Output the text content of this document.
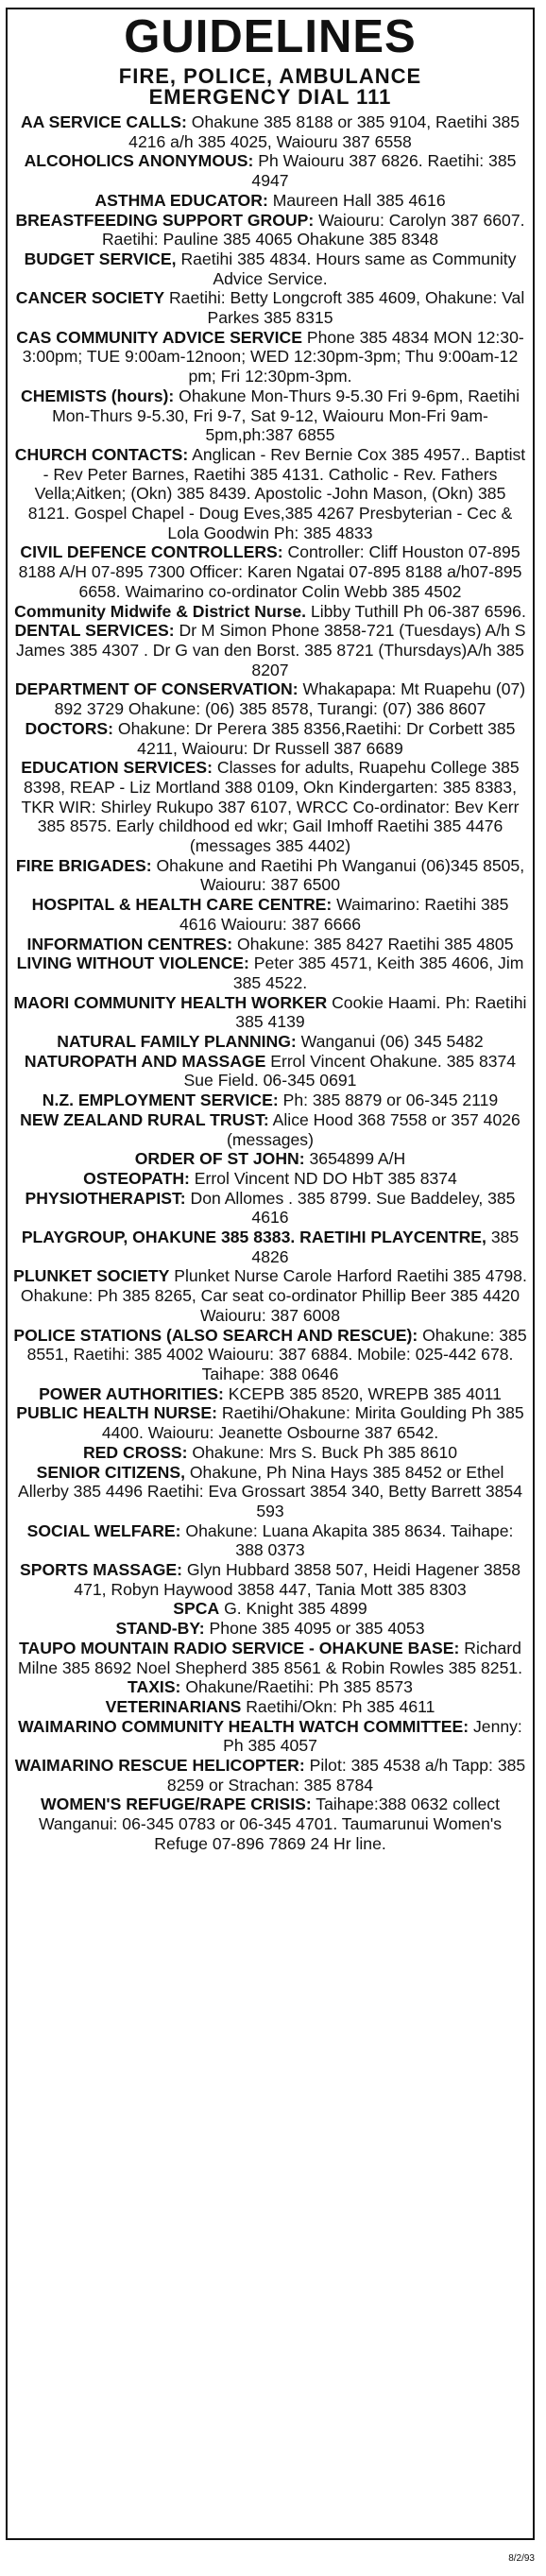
GUIDELINES
FIRE, POLICE, AMBULANCE
EMERGENCY DIAL 111

AA SERVICE CALLS: Ohakune 385 8188 or 385 9104, Raetihi 385 4216 a/h 385 4025, Waiouru 387 6558

ALCOHOLICS ANONYMOUS: Ph Waiouru 387 6826. Raetihi: 385 4947

ASTHMA EDUCATOR: Maureen Hall 385 4616

BREASTFEEDING SUPPORT GROUP: Waiouru: Carolyn 387 6607. Raetihi: Pauline 385 4065 Ohakune 385 8348

BUDGET SERVICE, Raetihi 385 4834. Hours same as Community Advice Service.

CANCER SOCIETY Raetihi: Betty Longcroft 385 4609, Ohakune: Val Parkes 385 8315

CAS COMMUNITY ADVICE SERVICE Phone 385 4834 MON 12:30-3:00pm; TUE 9:00am-12noon; WED 12:30pm-3pm; Thu 9:00am-12 pm; Fri 12:30pm-3pm.

CHEMISTS (hours): Ohakune Mon-Thurs 9-5.30 Fri 9-6pm, Raetihi Mon-Thurs 9-5.30, Fri 9-7, Sat 9-12, Waiouru Mon-Fri 9am-5pm,ph:387 6855

CHURCH CONTACTS: Anglican - Rev Bernie Cox 385 4957.. Baptist - Rev Peter Barnes, Raetihi 385 4131. Catholic - Rev. Fathers Vella;Aitken; (Okn) 385 8439. Apostolic -John Mason, (Okn) 385 8121. Gospel Chapel - Doug Eves,385 4267 Presbyterian - Cec & Lola Goodwin Ph: 385 4833

CIVIL DEFENCE CONTROLLERS: Controller: Cliff Houston 07-895 8188 A/H 07-895 7300 Officer: Karen Ngatai 07-895 8188 a/h07-895 6658. Waimarino co-ordinator Colin Webb 385 4502

Community Midwife & District Nurse. Libby Tuthill Ph 06-387 6596.

DENTAL SERVICES: Dr M Simon Phone 3858-721 (Tuesdays) A/h S James 385 4307 . Dr G van den Borst. 385 8721 (Thursdays)A/h 385 8207

DEPARTMENT OF CONSERVATION: Whakapapa: Mt Ruapehu (07) 892 3729 Ohakune: (06) 385 8578, Turangi: (07) 386 8607

DOCTORS: Ohakune: Dr Perera 385 8356,Raetihi: Dr Corbett 385 4211, Waiouru: Dr Russell 387 6689

EDUCATION SERVICES: Classes for adults, Ruapehu College 385 8398, REAP - Liz Mortland 388 0109, Okn Kindergarten: 385 8383, TKR WIR: Shirley Rukupo 387 6107, WRCC Co-ordinator: Bev Kerr 385 8575. Early childhood ed wkr; Gail Imhoff Raetihi 385 4476 (messages 385 4402)

FIRE BRIGADES: Ohakune and Raetihi Ph Wanganui (06)345 8505, Waiouru: 387 6500

HOSPITAL & HEALTH CARE CENTRE: Waimarino: Raetihi 385 4616 Waiouru: 387 6666

INFORMATION CENTRES: Ohakune: 385 8427 Raetihi 385 4805

LIVING WITHOUT VIOLENCE: Peter 385 4571, Keith 385 4606, Jim 385 4522.

MAORI COMMUNITY HEALTH WORKER Cookie Haami. Ph: Raetihi 385 4139

NATURAL FAMILY PLANNING: Wanganui (06) 345 5482

NATUROPATH AND MASSAGE Errol Vincent Ohakune. 385 8374 Sue Field. 06-345 0691

N.Z. EMPLOYMENT SERVICE: Ph: 385 8879 or 06-345 2119

NEW ZEALAND RURAL TRUST: Alice Hood 368 7558 or 357 4026 (messages)

ORDER OF ST JOHN: 3654899 A/H

OSTEOPATH: Errol Vincent ND DO HbT 385 8374

PHYSIOTHERAPIST: Don Allomes . 385 8799. Sue Baddeley, 385 4616

PLAYGROUP, OHAKUNE 385 8383. RAETIHI PLAYCENTRE, 385 4826

PLUNKET SOCIETY Plunket Nurse Carole Harford Raetihi 385 4798. Ohakune: Ph 385 8265, Car seat co-ordinator Phillip Beer 385 4420 Waiouru: 387 6008

POLICE STATIONS (ALSO SEARCH AND RESCUE): Ohakune: 385 8551, Raetihi: 385 4002 Waiouru: 387 6884. Mobile: 025-442 678. Taihape: 388 0646

POWER AUTHORITIES: KCEPB 385 8520, WREPB 385 4011

PUBLIC HEALTH NURSE: Raetihi/Ohakune: Mirita Goulding Ph 385 4400. Waiouru: Jeanette Osbourne 387 6542.

RED CROSS: Ohakune: Mrs S. Buck Ph 385 8610

SENIOR CITIZENS, Ohakune, Ph Nina Hays 385 8452 or Ethel Allerby 385 4496 Raetihi: Eva Grossart 3854 340, Betty Barrett 3854 593

SOCIAL WELFARE: Ohakune: Luana Akapita 385 8634. Taihape: 388 0373

SPORTS MASSAGE: Glyn Hubbard 3858 507, Heidi Hagener 3858 471, Robyn Haywood 3858 447, Tania Mott 385 8303

SPCA G. Knight 385 4899

STAND-BY: Phone 385 4095 or 385 4053

TAUPO MOUNTAIN RADIO SERVICE - OHAKUNE BASE: Richard Milne 385 8692 Noel Shepherd 385 8561 & Robin Rowles 385 8251.

TAXIS: Ohakune/Raetihi: Ph 385 8573

VETERINARIANS Raetihi/Okn: Ph 385 4611

WAIMARINO COMMUNITY HEALTH WATCH COMMITTEE: Jenny: Ph 385 4057

WAIMARINO RESCUE HELICOPTER: Pilot: 385 4538 a/h Tapp: 385 8259 or Strachan: 385 8784

WOMEN'S REFUGE/RAPE CRISIS: Taihape:388 0632 collect Wanganui: 06-345 0783 or 06-345 4701. Taumarunui Women's Refuge 07-896 7869 24 Hr line.

8/2/93
